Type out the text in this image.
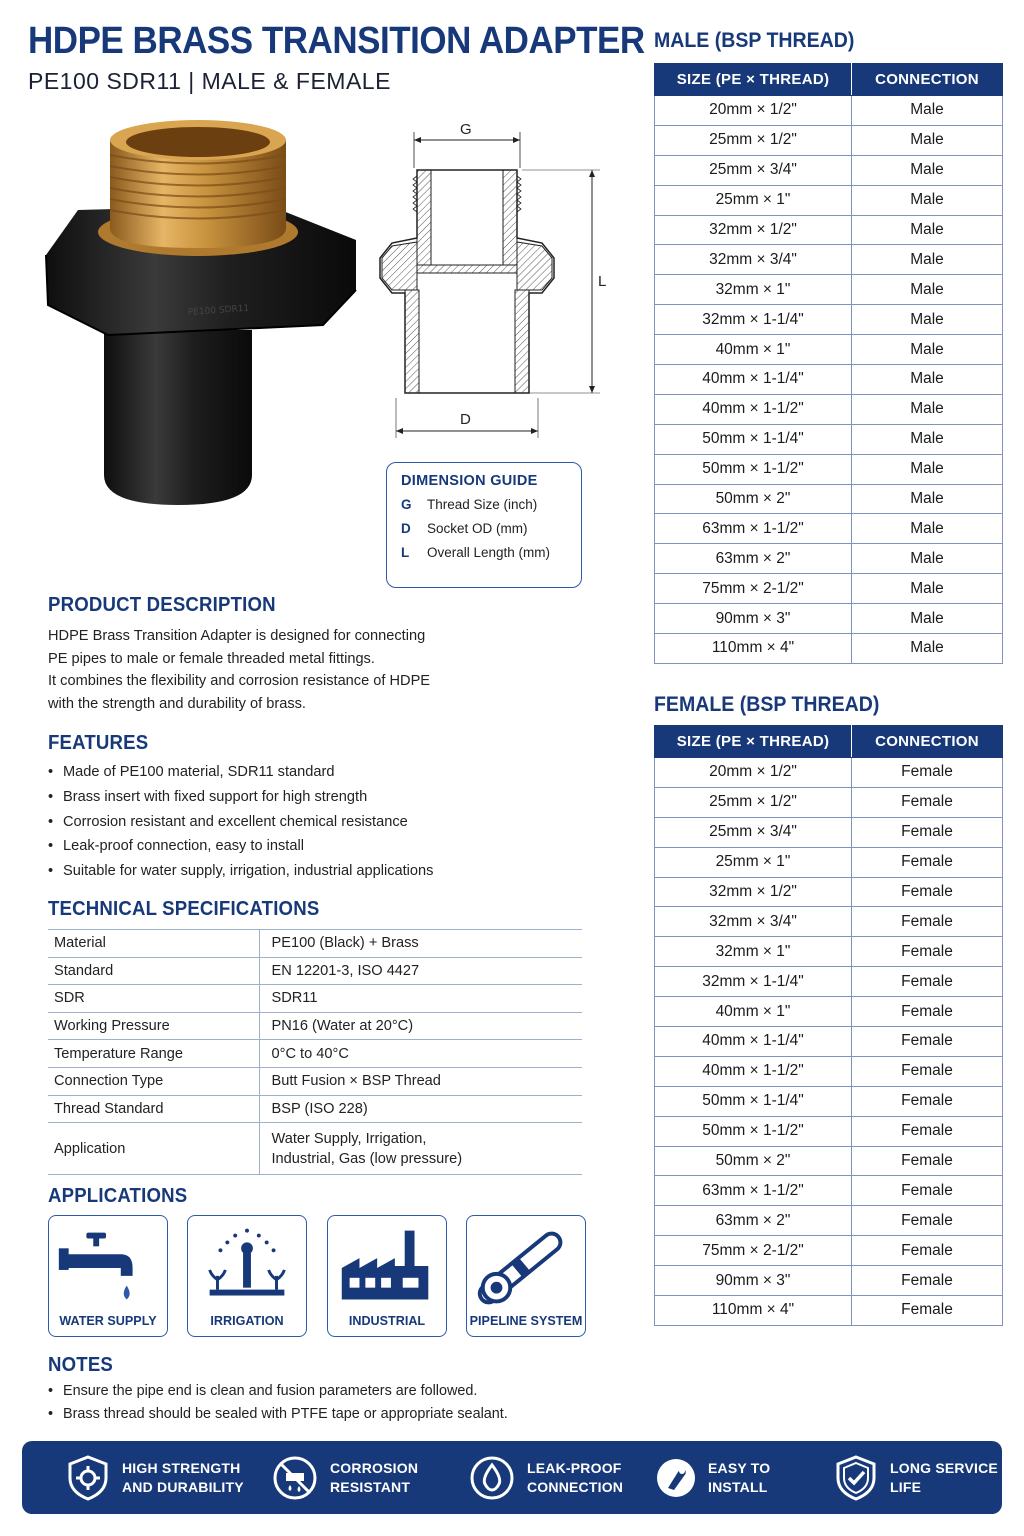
HDPE BRASS TRANSITION ADAPTER
PE100 SDR11 | MALE & FEMALE
PE100 SDR11
G
L
D
DIMENSION GUIDE
G	Thread Size (inch)
D	Socket OD (mm)
L	Overall Length (mm)
PRODUCT DESCRIPTION

HDPE Brass Transition Adapter is designed for connecting

PE pipes to male or female threaded metal fittings.

It combines the flexibility and corrosion resistance of HDPE

with the strength and durability of brass.

FEATURES
• Made of PE100 material, SDR11 standard
• Brass insert with fixed support for high strength
• Corrosion resistant and excellent chemical resistance
• Leak-proof connection, easy to install
• Suitable for water supply, irrigation, industrial applications
TECHNICAL SPECIFICATIONS
Material	PE100 (Black) + Brass
Standard	EN 12201-3, ISO 4427
SDR	SDR11
Working Pressure	PN16 (Water at 20°C)
Temperature Range	0°C to 40°C
Connection Type	Butt Fusion × BSP Thread
Thread Standard	BSP (ISO 228)
Application	Water Supply, Irrigation,
Industrial, Gas (low pressure)
APPLICATIONS
WATER SUPPLY	IRRIGATION	INDUSTRIAL	PIPELINE SYSTEM
NOTES
• Ensure the pipe end is clean and fusion parameters are followed.
• Brass thread should be sealed with PTFE tape or appropriate sealant.
MALE (BSP THREAD)
SIZE (PE × THREAD)	CONNECTION
20mm × 1/2"	Male
25mm × 1/2"	Male
25mm × 3/4"	Male
25mm × 1"	Male
32mm × 1/2"	Male
32mm × 3/4"	Male
32mm × 1"	Male
32mm × 1-1/4"	Male
40mm × 1"	Male
40mm × 1-1/4"	Male
40mm × 1-1/2"	Male
50mm × 1-1/4"	Male
50mm × 1-1/2"	Male
50mm × 2"	Male
63mm × 1-1/2"	Male
63mm × 2"	Male
75mm × 2-1/2"	Male
90mm × 3"	Male
110mm × 4"	Male
FEMALE (BSP THREAD)
SIZE (PE × THREAD)	CONNECTION
20mm × 1/2"	Female
25mm × 1/2"	Female
25mm × 3/4"	Female
25mm × 1"	Female
32mm × 1/2"	Female
32mm × 3/4"	Female
32mm × 1"	Female
32mm × 1-1/4"	Female
40mm × 1"	Female
40mm × 1-1/4"	Female
40mm × 1-1/2"	Female
50mm × 1-1/4"	Female
50mm × 1-1/2"	Female
50mm × 2"	Female
63mm × 1-1/2"	Female
63mm × 2"	Female
75mm × 2-1/2"	Female
90mm × 3"	Female
110mm × 4"	Female
HIGH STRENGTH
AND DURABILITY
CORROSION
RESISTANT
LEAK-PROOF
CONNECTION
EASY TO
INSTALL
LONG SERVICE
LIFE
